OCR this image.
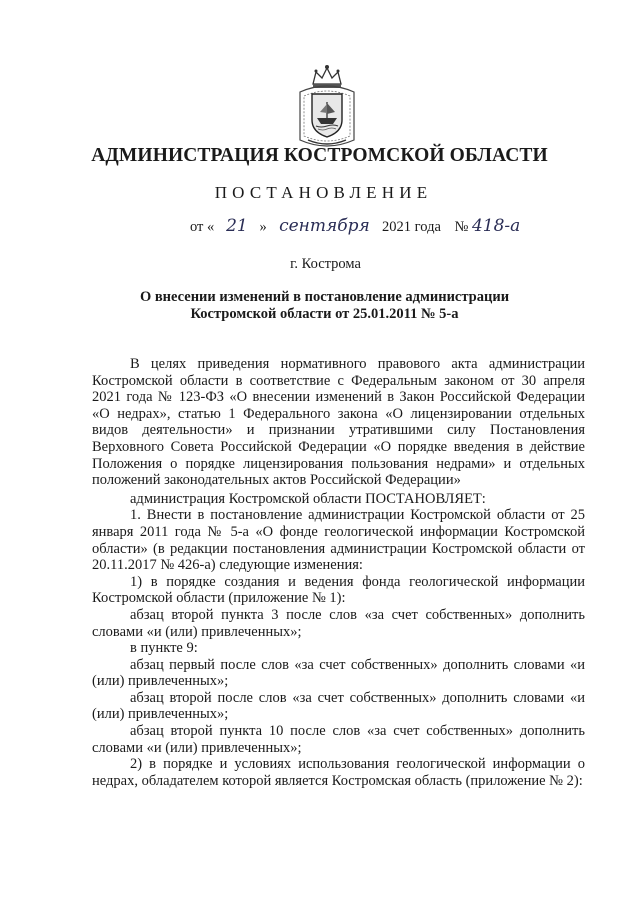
АДМИНИСТРАЦИЯ КОСТРОМСКОЙ ОБЛАСТИ
ПОСТАНОВЛЕНИЕ
от « 21 » сентября 2021 года № 418-а
г. Кострома
О внесении изменений в постановление администрации
Костромской области от 25.01.2011 № 5-а

В целях приведения нормативного правового акта администрации Костромской области в соответствие с Федеральным законом от 30 апреля 2021 года № 123-ФЗ «О внесении изменений в Закон Российской Федерации «О недрах», статью 1 Федерального закона «О лицензировании отдельных видов деятельности» и признании утратившими силу Постановления Верховного Совета Российской Федерации «О порядке введения в действие Положения о порядке лицензирования пользования недрами» и отдельных положений законодательных актов Российской Федерации»

администрация Костромской области ПОСТАНОВЛЯЕТ:

1. Внести в постановление администрации Костромской области от 25 января 2011 года № 5-а «О фонде геологической информации Костромской области» (в редакции постановления администрации Костромской области от 20.11.2017 № 426-а) следующие изменения:

1) в порядке создания и ведения фонда геологической информации Костромской области (приложение № 1):

абзац второй пункта 3 после слов «за счет собственных» дополнить словами «и (или) привлеченных»;

в пункте 9:

абзац первый после слов «за счет собственных» дополнить словами «и (или) привлеченных»;

абзац второй после слов «за счет собственных» дополнить словами «и (или) привлеченных»;

абзац второй пункта 10 после слов «за счет собственных» дополнить словами «и (или) привлеченных»;

2) в порядке и условиях использования геологической информации о недрах, обладателем которой является Костромская область (приложение № 2):
